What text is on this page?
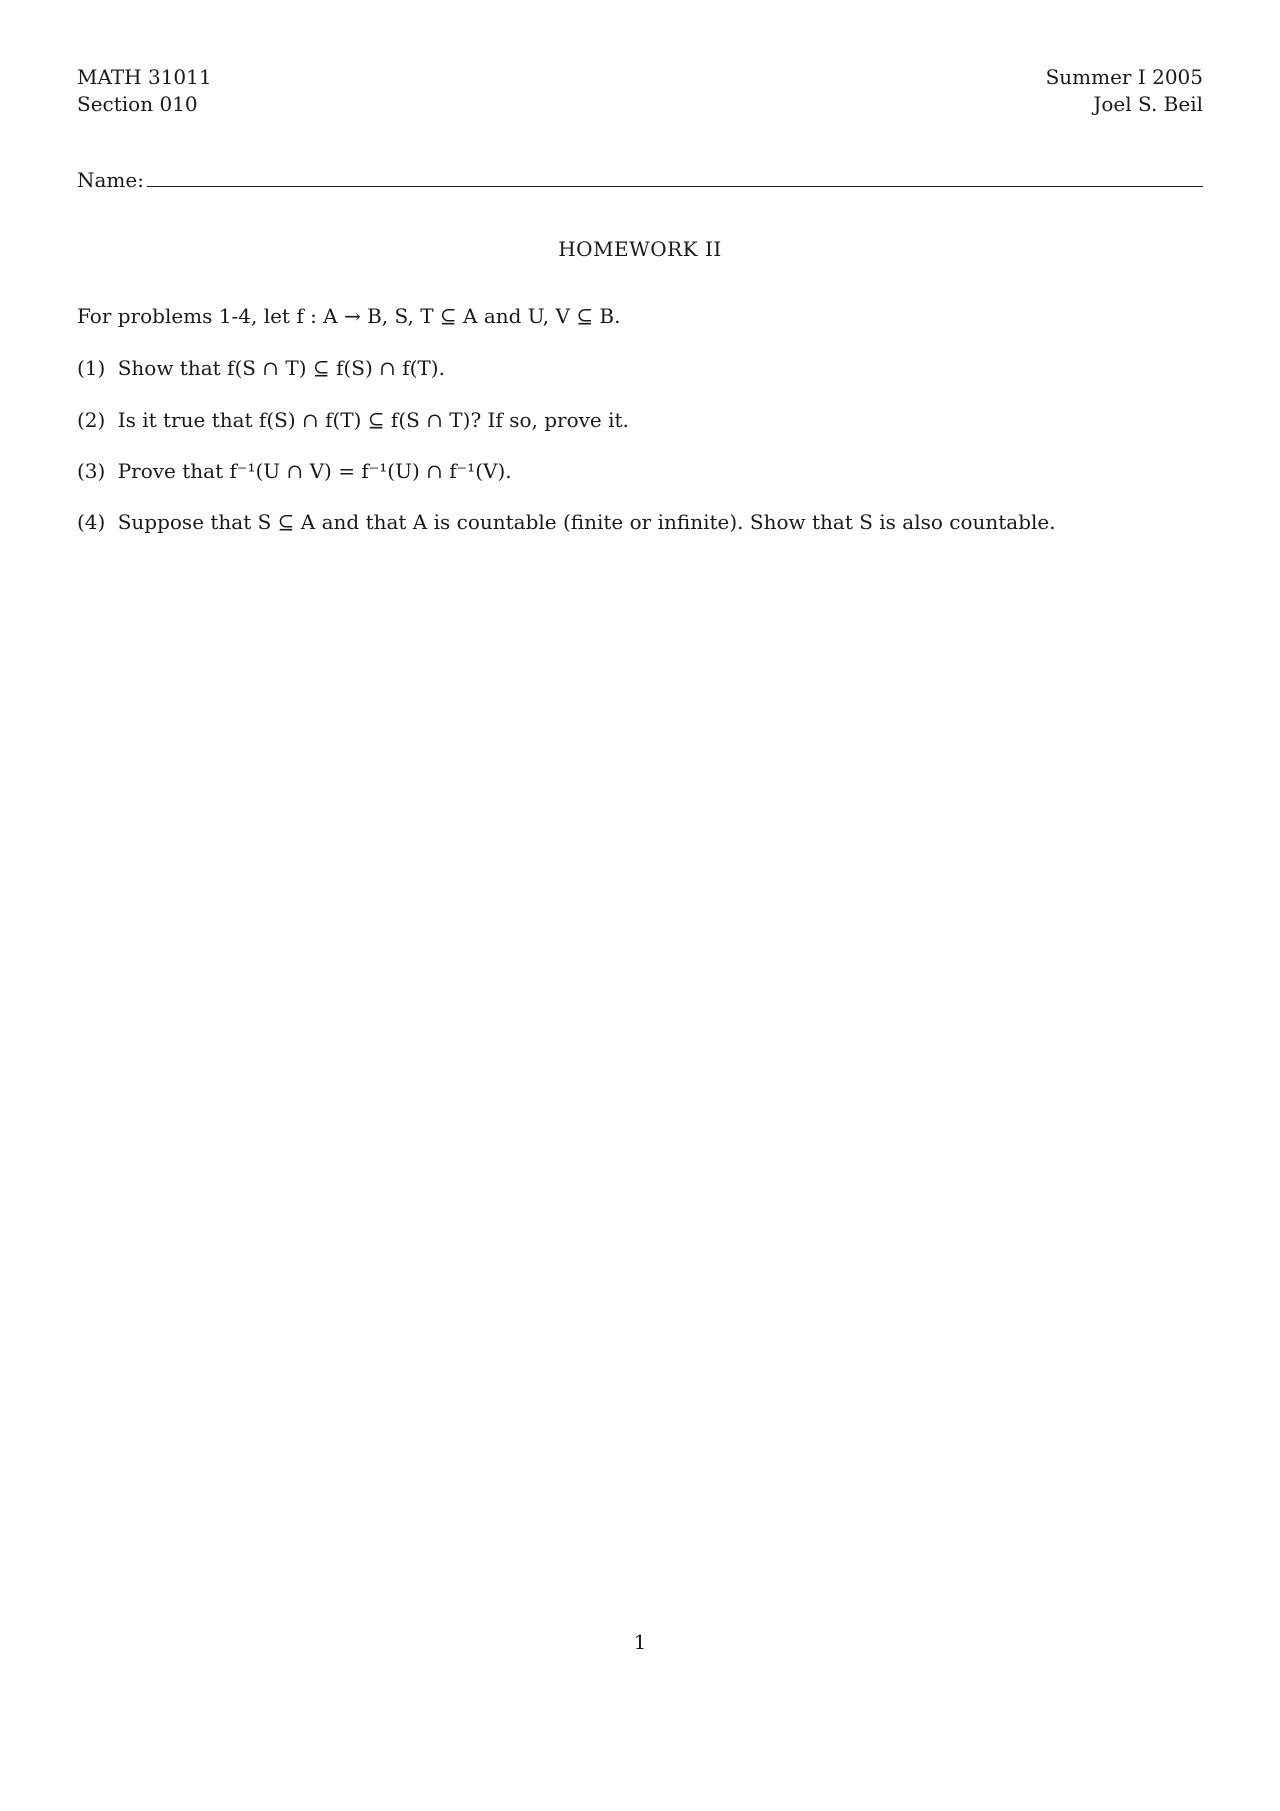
MATH 31011
Section 010
Summer I 2005
Joel S. Beil
Name:
HOMEWORK II
For problems 1-4, let f : A → B, S, T ⊆ A and U, V ⊆ B.
(1) Show that f(S ∩ T) ⊆ f(S) ∩ f(T).
(2) Is it true that f(S) ∩ f(T) ⊆ f(S ∩ T)? If so, prove it.
(3) Prove that f⁻¹(U ∩ V) = f⁻¹(U) ∩ f⁻¹(V).
(4) Suppose that S ⊆ A and that A is countable (finite or infinite). Show that S is also countable.
1
